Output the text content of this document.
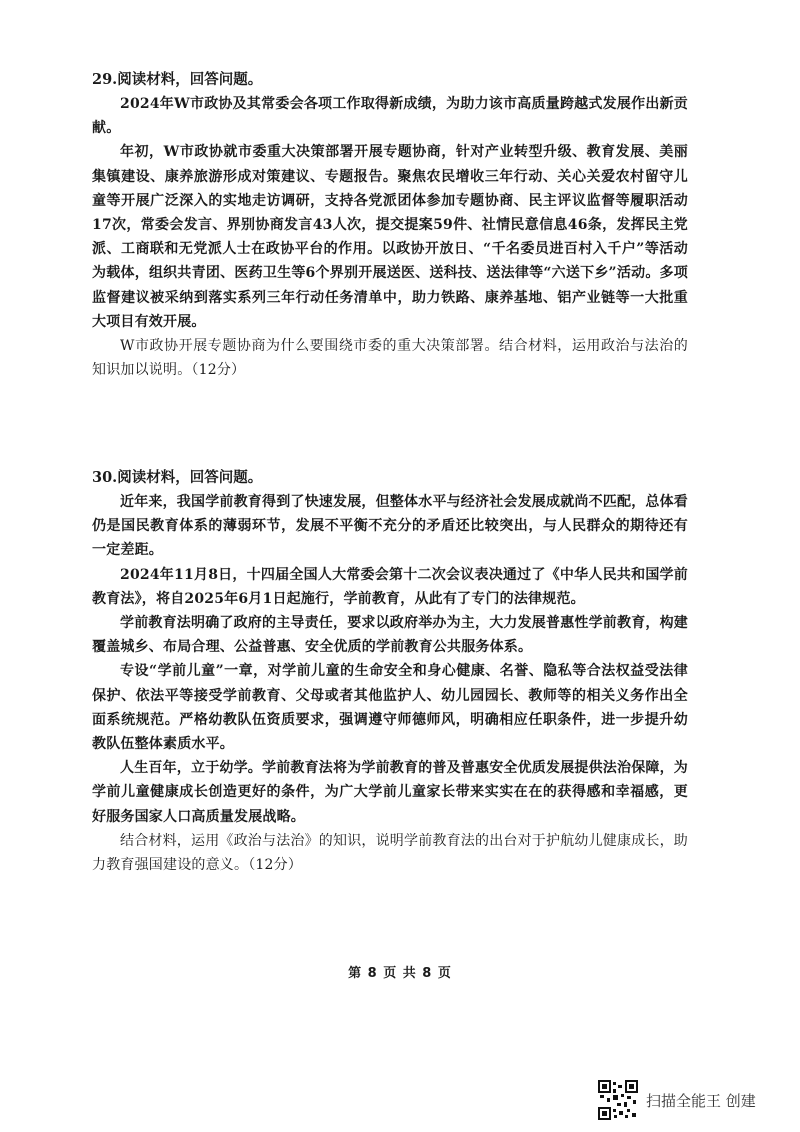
29.阅读材料，回答问题。

2024年W市政协及其常委会各项工作取得新成绩，为助力该市高质量跨越式发展作出新贡献。

年初，W市政协就市委重大决策部署开展专题协商，针对产业转型升级、教育发展、美丽集镇建设、康养旅游形成对策建议、专题报告。聚焦农民增收三年行动、关心关爱农村留守儿童等开展广泛深入的实地走访调研，支持各党派团体参加专题协商、民主评议监督等履职活动17次，常委会发言、界别协商发言43人次，提交提案59件、社情民意信息46条，发挥民主党派、工商联和无党派人士在政协平台的作用。以政协开放日、“千名委员进百村入千户”等活动为载体，组织共青团、医药卫生等6个界别开展送医、送科技、送法律等“六送下乡”活动。多项监督建议被采纳到落实系列三年行动任务清单中，助力铁路、康养基地、铝产业链等一大批重大项目有效开展。

W市政协开展专题协商为什么要围绕市委的重大决策部署。结合材料，运用政治与法治的知识加以说明。（12分）

30.阅读材料，回答问题。

近年来，我国学前教育得到了快速发展，但整体水平与经济社会发展成就尚不匹配，总体看仍是国民教育体系的薄弱环节，发展不平衡不充分的矛盾还比较突出，与人民群众的期待还有一定差距。

2024年11月8日，十四届全国人大常委会第十二次会议表决通过了《中华人民共和国学前教育法》，将自2025年6月1日起施行，学前教育，从此有了专门的法律规范。

学前教育法明确了政府的主导责任，要求以政府举办为主，大力发展普惠性学前教育，构建覆盖城乡、布局合理、公益普惠、安全优质的学前教育公共服务体系。

专设“学前儿童”一章，对学前儿童的生命安全和身心健康、名誉、隐私等合法权益受法律保护、依法平等接受学前教育、父母或者其他监护人、幼儿园园长、教师等的相关义务作出全面系统规范。严格幼教队伍资质要求，强调遵守师德师风，明确相应任职条件，进一步提升幼教队伍整体素质水平。

人生百年，立于幼学。学前教育法将为学前教育的普及普惠安全优质发展提供法治保障，为学前儿童健康成长创造更好的条件，为广大学前儿童家长带来实实在在的获得感和幸福感，更好服务国家人口高质量发展战略。

结合材料，运用《政治与法治》的知识，说明学前教育法的出台对于护航幼儿健康成长，助力教育强国建设的意义。（12分）

第 8 页 共 8 页
扫描全能王 创建
